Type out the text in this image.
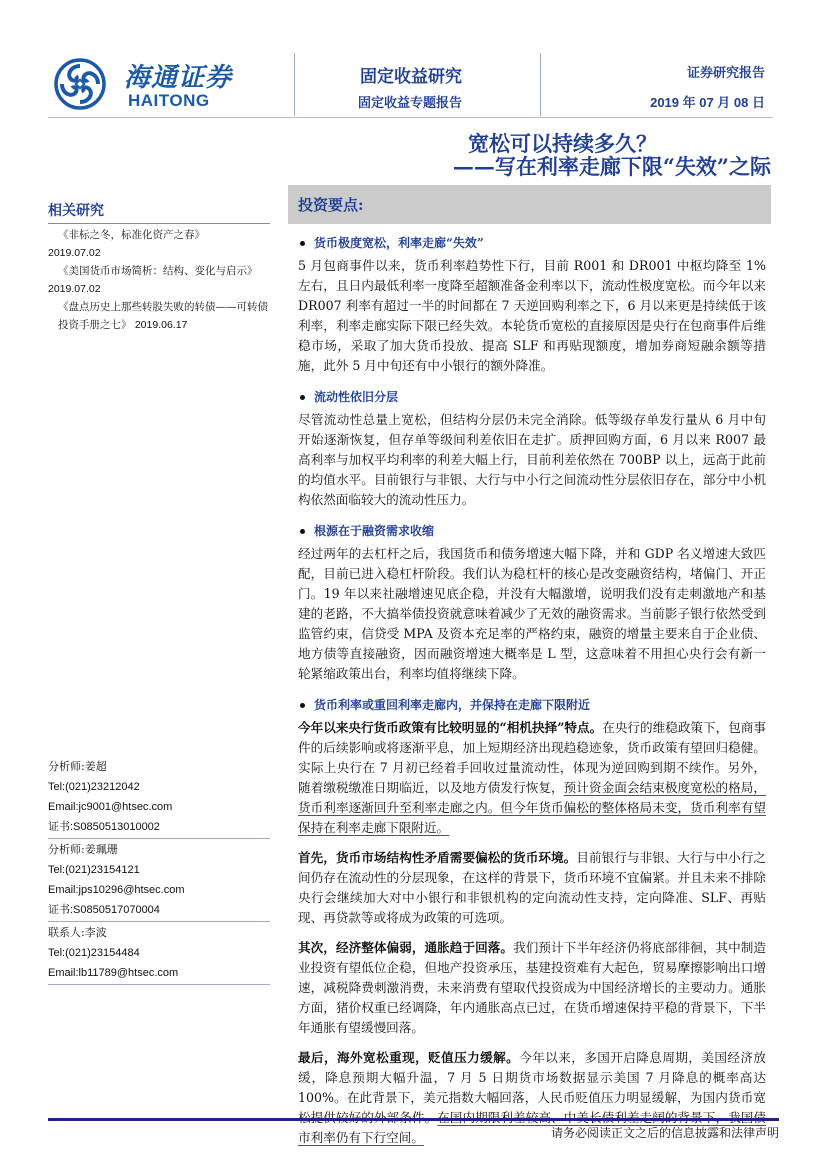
海通证券
HAITONG
固定收益研究
固定收益专题报告
证券研究报告
2019 年 07 月 08 日
宽松可以持续多久？
——写在利率走廊下限“失效”之际
相关研究
《非标之冬，标准化资产之春》
2019.07.02
《美国货币市场简析：结构、变化与启示》
2019.07.02
《盘点历史上那些转股失败的转债——可转债投资手册之七》 2019.06.17
分析师:姜超
Tel:(021)23212042
Email:jc9001@htsec.com
证书:S0850513010002
分析师:姜珮珊
Tel:(021)23154121
Email:jps10296@htsec.com
证书:S0850517070004
联系人:李波
Tel:(021)23154484
Email:lb11789@htsec.com
投资要点:
货币极度宽松，利率走廊“失效”
5 月包商事件以来，货币利率趋势性下行，目前 R001 和 DR001 中枢均降至 1%左右，且日内最低利率一度降至超额准备金利率以下，流动性极度宽松。而今年以来 DR007 利率有超过一半的时间都在 7 天逆回购利率之下，6 月以来更是持续低于该利率，利率走廊实际下限已经失效。本轮货币宽松的直接原因是央行在包商事件后维稳市场，采取了加大货币投放、提高 SLF 和再贴现额度，增加券商短融余额等措施，此外 5 月中旬还有中小银行的额外降准。
流动性依旧分层
尽管流动性总量上宽松，但结构分层仍未完全消除。低等级存单发行量从 6 月中旬开始逐渐恢复，但存单等级间利差依旧在走扩。质押回购方面，6 月以来 R007 最高利率与加权平均利率的利差大幅上行，目前利差依然在 700BP 以上，远高于此前的均值水平。目前银行与非银、大行与中小行之间流动性分层依旧存在，部分中小机构依然面临较大的流动性压力。
根源在于融资需求收缩
经过两年的去杠杆之后，我国货币和债务增速大幅下降，并和 GDP 名义增速大致匹配，目前已进入稳杠杆阶段。我们认为稳杠杆的核心是改变融资结构，堵偏门、开正门。19 年以来社融增速见底企稳，并没有大幅激增，说明我们没有走刺激地产和基建的老路，不大搞举债投资就意味着减少了无效的融资需求。当前影子银行依然受到监管约束，信贷受 MPA 及资本充足率的严格约束，融资的增量主要来自于企业债、地方债等直接融资，因而融资增速大概率是 L 型，这意味着不用担心央行会有新一轮紧缩政策出台，利率均值将继续下降。
货币利率或重回利率走廊内，并保持在走廊下限附近
今年以来央行货币政策有比较明显的“相机抉择”特点。在央行的维稳政策下，包商事件的后续影响或将逐渐平息，加上短期经济出现趋稳迹象，货币政策有望回归稳健。实际上央行在 7 月初已经着手回收过量流动性，体现为逆回购到期不续作。另外，随着缴税缴准日期临近，以及地方债发行恢复，预计资金面会结束极度宽松的格局，货币利率逐渐回升至利率走廊之内。但今年货币偏松的整体格局未变，货币利率有望保持在利率走廊下限附近。
首先，货币市场结构性矛盾需要偏松的货币环境。目前银行与非银、大行与中小行之间仍存在流动性的分层现象，在这样的背景下，货币环境不宜偏紧。并且未来不排除央行会继续加大对中小银行和非银机构的定向流动性支持，定向降准、SLF、再贴现、再贷款等或将成为政策的可选项。
其次，经济整体偏弱，通胀趋于回落。我们预计下半年经济仍将底部徘徊，其中制造业投资有望低位企稳，但地产投资承压，基建投资难有大起色，贸易摩擦影响出口增速，减税降费刺激消费，未来消费有望取代投资成为中国经济增长的主要动力。通胀方面，猪价权重已经调降，年内通胀高点已过，在货币增速保持平稳的背景下，下半年通胀有望缓慢回落。
最后，海外宽松重现，贬值压力缓解。今年以来，多国开启降息周期，美国经济放缓，降息预期大幅升温，7 月 5 日期货市场数据显示美国 7 月降息的概率高达 100%。在此背景下，美元指数大幅回落，人民币贬值压力明显缓解，为国内货币宽 市利率仍有下行空间。	请务必阅读正文之后的信息披露和法律声明
